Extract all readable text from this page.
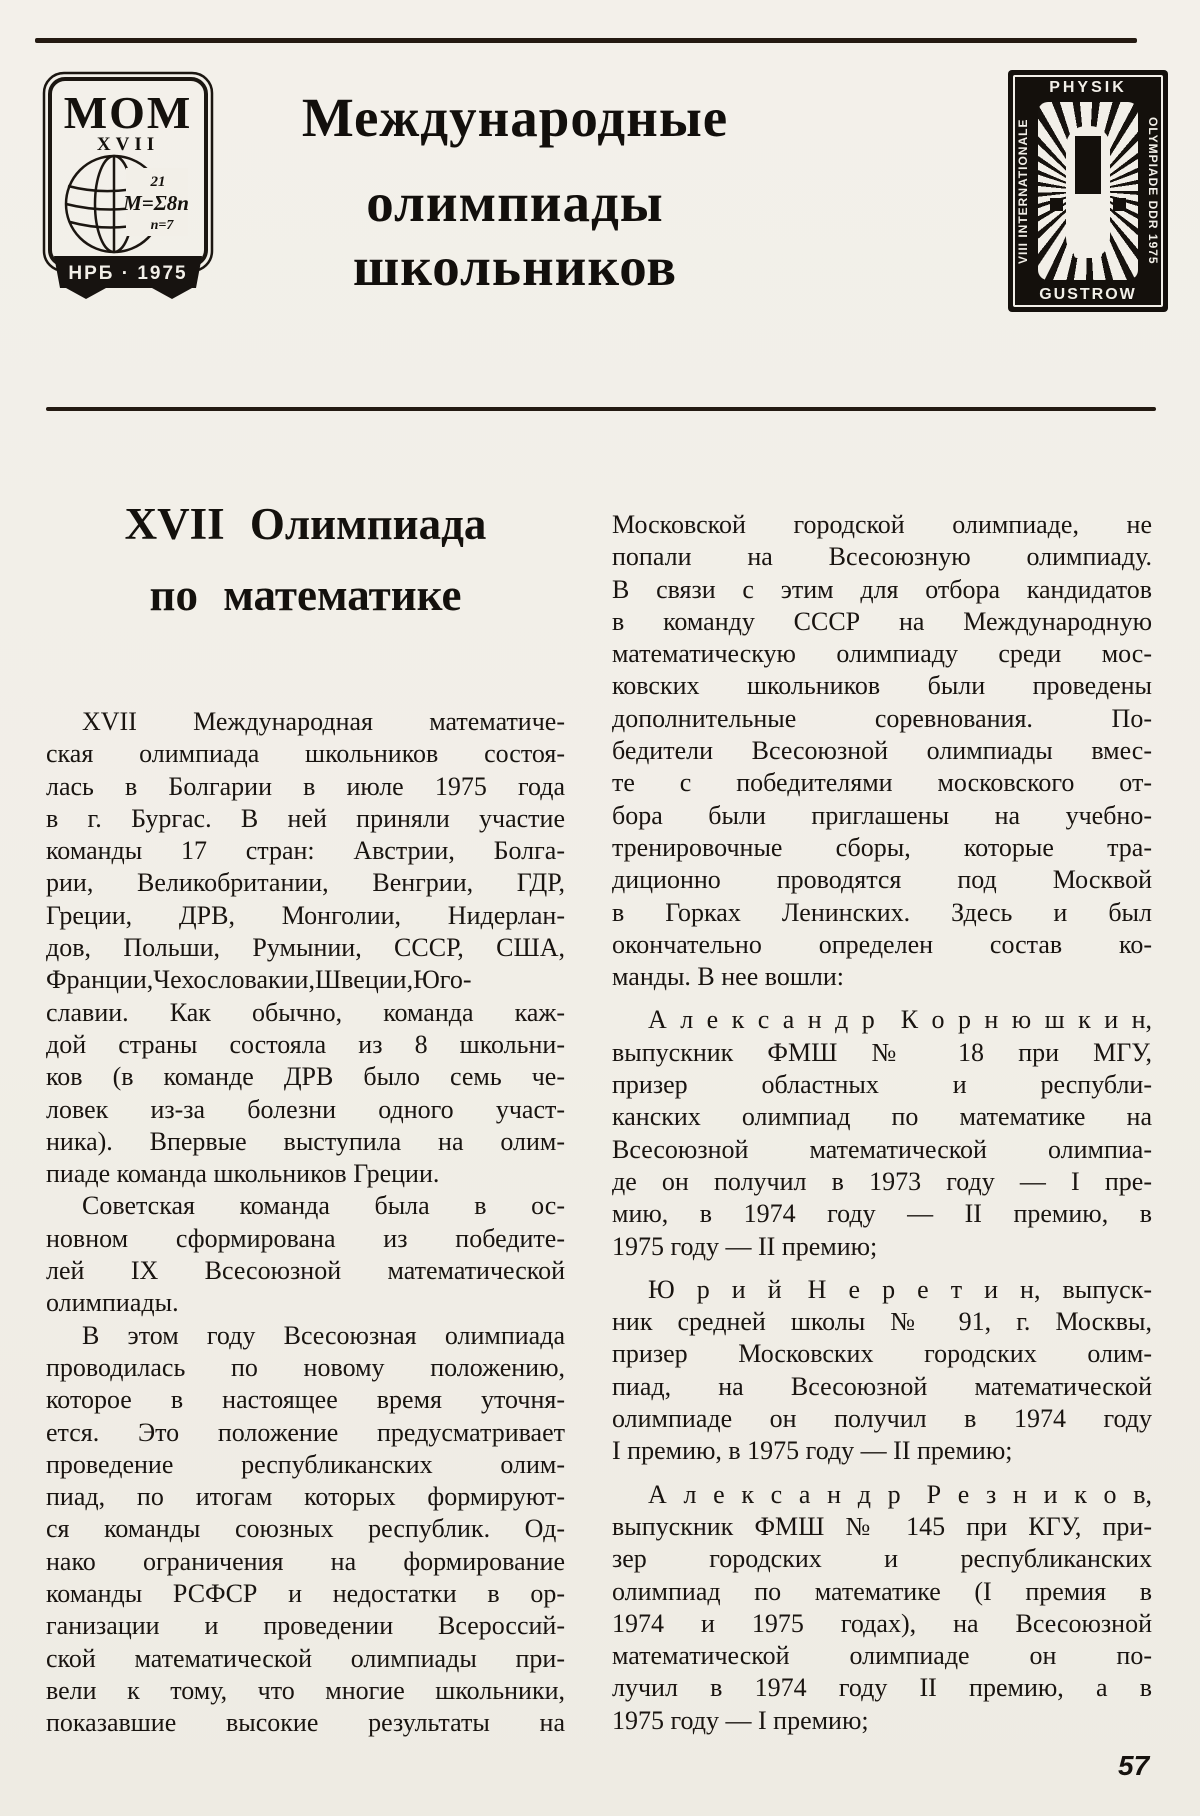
MOM
XVII
21
M=Σ8n
n=7
НРБ · 1975
Международные
олимпиады школьников
PHYSIK
VIII INTERNATIONALE	OLYMPIADE DDR 1975
GUSTROW
XVII Олимпиада
по математике
XVII Международная математиче-
ская олимпиада школьников состоя-
лась в Болгарии в июле 1975 года
в г. Бургас. В ней приняли участие
команды 17 стран: Австрии, Болга-
рии, Великобритании, Венгрии, ГДР,
Греции, ДРВ, Монголии, Нидерлан-
дов, Польши, Румынии, СССР, США,
Франции,Чехословакии,Швеции,Юго-
славии. Как обычно, команда каж-
дой страны состояла из 8 школьни-
ков (в команде ДРВ было семь че-
ловек из-за болезни одного участ-
ника). Впервые выступила на олим-
пиаде команда школьников Греции.
Советская команда была в ос-
новном сформирована из победите-
лей IX Всесоюзной математической
олимпиады.
В этом году Всесоюзная олимпиада
проводилась по новому положению,
которое в настоящее время уточня-
ется. Это положение предусматривает
проведение республиканских олим-
пиад, по итогам которых формируют-
ся команды союзных республик. Од-
нако ограничения на формирование
команды РСФСР и недостатки в ор-
ганизации и проведении Всероссий-
ской математической олимпиады при-
вели к тому, что многие школьники,
показавшие высокие результаты на
Московской городской олимпиаде, не
попали на Всесоюзную олимпиаду.
В связи с этим для отбора кандидатов
в команду СССР на Международную
математическую олимпиаду среди мос-
ковских школьников были проведены
дополнительные соревнования. По-
бедители Всесоюзной олимпиады вмес-
те с победителями московского от-
бора были приглашены на учебно-
тренировочные сборы, которые тра-
диционно проводятся под Москвой
в Горках Ленинских. Здесь и был
окончательно определен состав ко-
манды. В нее вошли:
А л е к с а н д р К о р н ю ш к и н,
выпускник ФМШ № 18 при МГУ,
призер областных и республи-
канских олимпиад по математике на
Всесоюзной математической олимпиа-
де он получил в 1973 году — I пре-
мию, в 1974 году — II премию, в
1975 году — II премию;
Ю р и й Н е р е т и н, выпуск-
ник средней школы № 91, г. Москвы,
призер Московских городских олим-
пиад, на Всесоюзной математической
олимпиаде он получил в 1974 году
I премию, в 1975 году — II премию;
А л е к с а н д р Р е з н и к о в,
выпускник ФМШ № 145 при КГУ, при-
зер городских и республиканских
олимпиад по математике (I премия в
1974 и 1975 годах), на Всесоюзной
математической олимпиаде он по-
лучил в 1974 году II премию, а в
1975 году — I премию;
57
